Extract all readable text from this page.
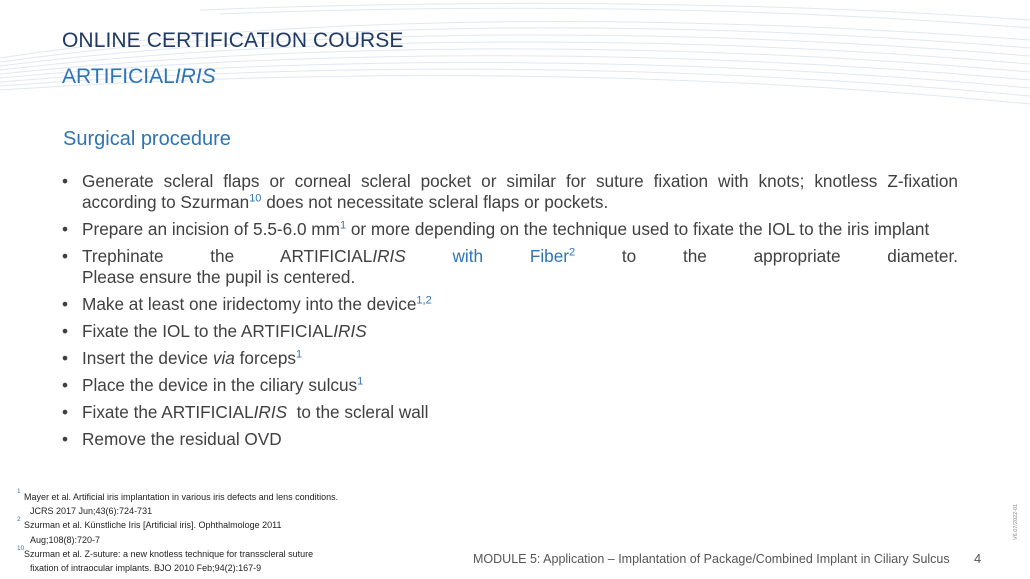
ONLINE CERTIFICATION COURSE
ARTIFICIALIRIS
Surgical procedure
• Generate scleral flaps or corneal scleral pocket or similar for suture fixation with knots; knotless Z-fixation according to Szurman$^{10}$ does not necessitate scleral flaps or pockets.
• Prepare an incision of 5.5-6.0 $mm^1$ or more depending on the technique used to fixate the IOL to the iris implant
• Trephinate the ARTIFICIALIRIS with Fiber$^2$ to the appropriate diameter.
Please ensure the pupil is centered.
• Make at least one iridectomy into the device$^{1,2}$
• Fixate the IOL to the ARTIFICIALIRIS
• Insert the device via forceps$^1$
• Place the device in the ciliary sulcus$^1$
• Fixate the ARTIFICIALIRIS  to the scleral wall
• Remove the residual OVD
1
Mayer et al. Artificial iris implantation in various iris defects and lens conditions.
JCRS 2017 Jun;43(6):724-731
2
Szurman et al. Künstliche Iris [Artificial iris]. Ophthalmologe 2011
Aug;108(8):720-7
10
Szurman et al. Z-suture: a new knotless technique for transscleral suture
fixation of intraocular implants. BJO 2010 Feb;94(2):167-9
MODULE 5: Application – Implantation of Package/Combined Implant in Ciliary Sulcus 4
V6.07/2022-01
